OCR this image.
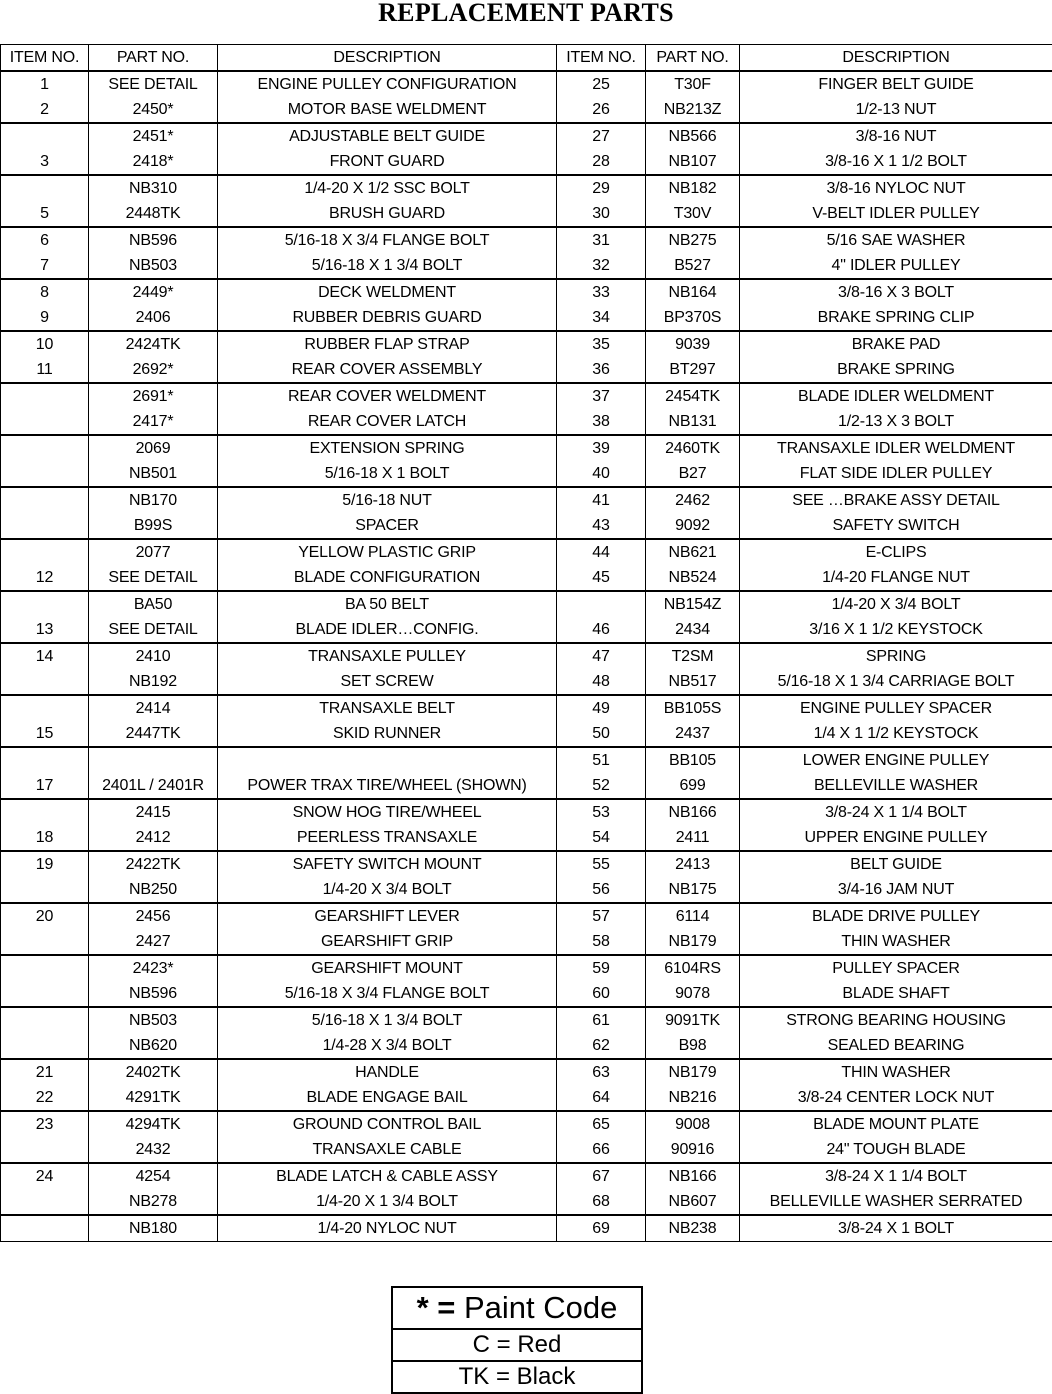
REPLACEMENT PARTS
ITEM NO.	PART NO.	DESCRIPTION	ITEM NO.	PART NO.	DESCRIPTION
1	SEE DETAIL	ENGINE PULLEY CONFIGURATION	25	T30F	FINGER BELT GUIDE
2	2450*	MOTOR BASE WELDMENT	26	NB213Z	1/2-13 NUT
	2451*	ADJUSTABLE BELT GUIDE	27	NB566	3/8-16 NUT
3	2418*	FRONT GUARD	28	NB107	3/8-16 X 1 1/2 BOLT
	NB310	1/4-20 X 1/2 SSC BOLT	29	NB182	3/8-16 NYLOC NUT
5	2448TK	BRUSH GUARD	30	T30V	V-BELT IDLER PULLEY
6	NB596	5/16-18 X 3/4 FLANGE BOLT	31	NB275	5/16 SAE WASHER
7	NB503	5/16-18 X 1 3/4 BOLT	32	B527	4" IDLER PULLEY
8	2449*	DECK WELDMENT	33	NB164	3/8-16 X 3 BOLT
9	2406	RUBBER DEBRIS GUARD	34	BP370S	BRAKE SPRING CLIP
10	2424TK	RUBBER FLAP STRAP	35	9039	BRAKE PAD
11	2692*	REAR COVER ASSEMBLY	36	BT297	BRAKE SPRING
	2691*	REAR COVER WELDMENT	37	2454TK	BLADE IDLER WELDMENT
	2417*	REAR COVER LATCH	38	NB131	1/2-13 X 3 BOLT
	2069	EXTENSION SPRING	39	2460TK	TRANSAXLE IDLER WELDMENT
	NB501	5/16-18 X 1 BOLT	40	B27	FLAT SIDE IDLER PULLEY
	NB170	5/16-18 NUT	41	2462	SEE …BRAKE ASSY DETAIL
	B99S	SPACER	43	9092	SAFETY SWITCH
	2077	YELLOW PLASTIC GRIP	44	NB621	E-CLIPS
12	SEE DETAIL	BLADE CONFIGURATION	45	NB524	1/4-20 FLANGE NUT
	BA50	BA 50 BELT		NB154Z	1/4-20 X 3/4 BOLT
13	SEE DETAIL	BLADE IDLER…CONFIG.	46	2434	3/16 X 1 1/2 KEYSTOCK
14	2410	TRANSAXLE PULLEY	47	T2SM	SPRING
	NB192	SET SCREW	48	NB517	5/16-18 X 1 3/4 CARRIAGE BOLT
	2414	TRANSAXLE BELT	49	BB105S	ENGINE PULLEY SPACER
15	2447TK	SKID RUNNER	50	2437	1/4 X 1 1/2 KEYSTOCK
			51	BB105	LOWER ENGINE PULLEY
17	2401L / 2401R	POWER TRAX TIRE/WHEEL (SHOWN)	52	699	BELLEVILLE WASHER
	2415	SNOW HOG TIRE/WHEEL	53	NB166	3/8-24 X 1 1/4 BOLT
18	2412	PEERLESS TRANSAXLE	54	2411	UPPER ENGINE PULLEY
19	2422TK	SAFETY SWITCH MOUNT	55	2413	BELT GUIDE
	NB250	1/4-20 X 3/4 BOLT	56	NB175	3/4-16 JAM NUT
20	2456	GEARSHIFT LEVER	57	6114	BLADE DRIVE PULLEY
	2427	GEARSHIFT GRIP	58	NB179	THIN WASHER
	2423*	GEARSHIFT MOUNT	59	6104RS	PULLEY SPACER
	NB596	5/16-18 X 3/4 FLANGE BOLT	60	9078	BLADE SHAFT
	NB503	5/16-18 X 1 3/4 BOLT	61	9091TK	STRONG BEARING HOUSING
	NB620	1/4-28 X 3/4 BOLT	62	B98	SEALED BEARING
21	2402TK	HANDLE	63	NB179	THIN WASHER
22	4291TK	BLADE ENGAGE BAIL	64	NB216	3/8-24 CENTER LOCK NUT
23	4294TK	GROUND CONTROL BAIL	65	9008	BLADE MOUNT PLATE
	2432	TRANSAXLE CABLE	66	90916	24" TOUGH BLADE
24	4254	BLADE LATCH & CABLE ASSY	67	NB166	3/8-24 X 1 1/4 BOLT
	NB278	1/4-20 X 1 3/4 BOLT	68	NB607	BELLEVILLE WASHER SERRATED
	NB180	1/4-20 NYLOC NUT	69	NB238	3/8-24 X 1 BOLT
* = Paint Code
C = Red
TK = Black
